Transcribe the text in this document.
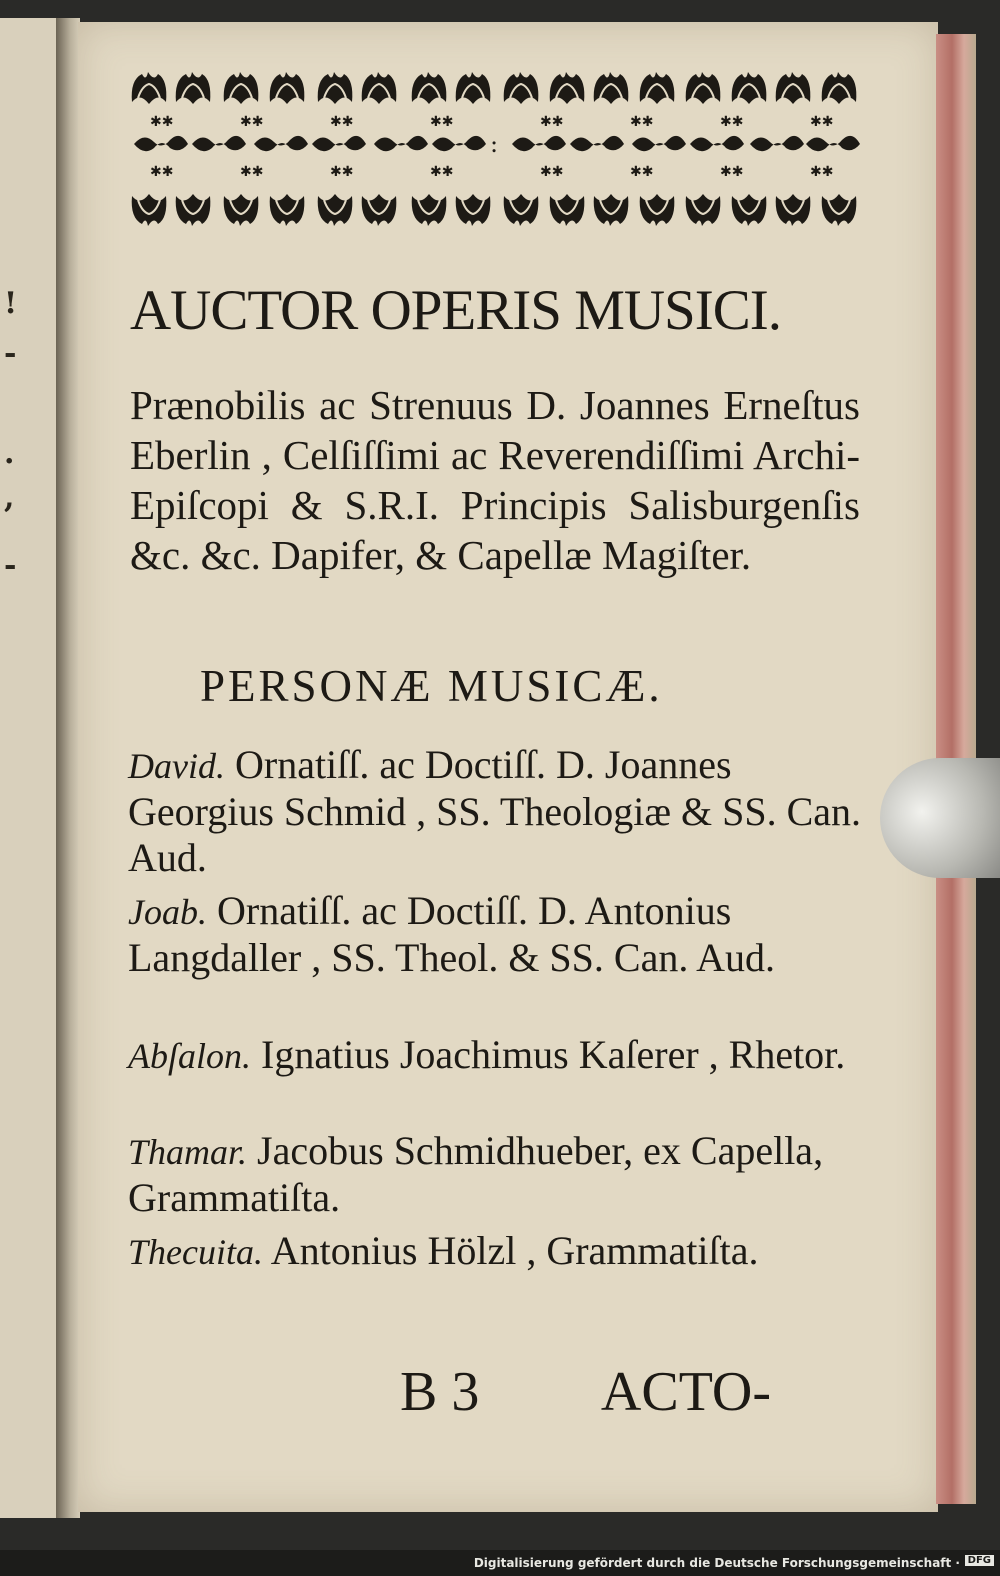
!
-
.
,
-
:
AUCTOR OPERIS MUSICI.

Prænobilis ac Strenuus D. Joannes Erneſtus Eberlin , Celſiſſimi ac Reverendiſſimi Archi-Epiſcopi & S.R.I. Principis Salisburgenſis &c. &c. Dapifer, & Capellæ Magiſter.

PERSONÆ MUSICÆ.

David. Ornatiſſ. ac Doctiſſ. D. Joannes Georgius Schmid , SS. Theologiæ & SS. Can. Aud.

Joab. Ornatiſſ. ac Doctiſſ. D. Antonius Langdaller , SS. Theol. & SS. Can. Aud.

Abſalon. Ignatius Joachimus Kaſerer , Rhetor.

Thamar. Jacobus Schmidhueber, ex Capella, Grammatiſta.

Thecuita. Antonius Hölzl , Grammatiſta.

B 3 ACTO-

Digitalisierung gefördert durch die Deutsche Forschungsgemeinschaft · DFG
